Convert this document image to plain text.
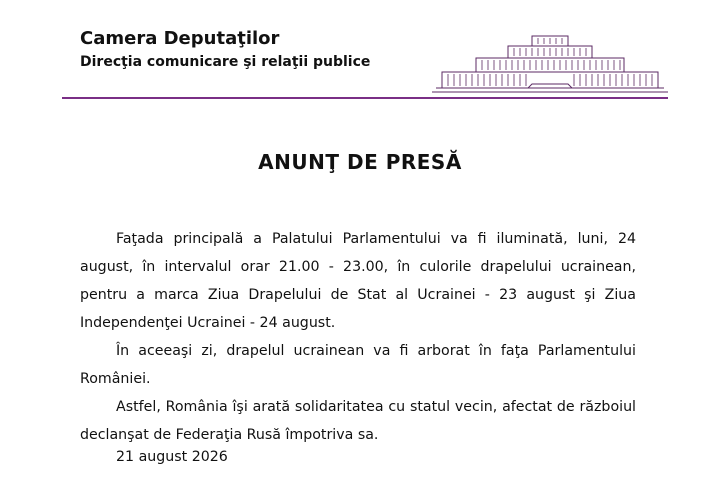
Camera Deputaţilor
Direcţia comunicare şi relaţii publice
ANUNŢ DE PRESĂ

Faţada principală a Palatului Parlamentului va fi iluminată, luni, 24 august, în intervalul orar 21.00 - 23.00, în culorile drapelului ucrainean, pentru a marca Ziua Drapelului de Stat al Ucrainei - 23 august şi Ziua Independenţei Ucrainei - 24 august.

În aceeaşi zi, drapelul ucrainean va fi arborat în faţa Parlamentului României.

Astfel, România îşi arată solidaritatea cu statul vecin, afectat de războiul declanşat de Federaţia Rusă împotriva sa.

21 august 2026
